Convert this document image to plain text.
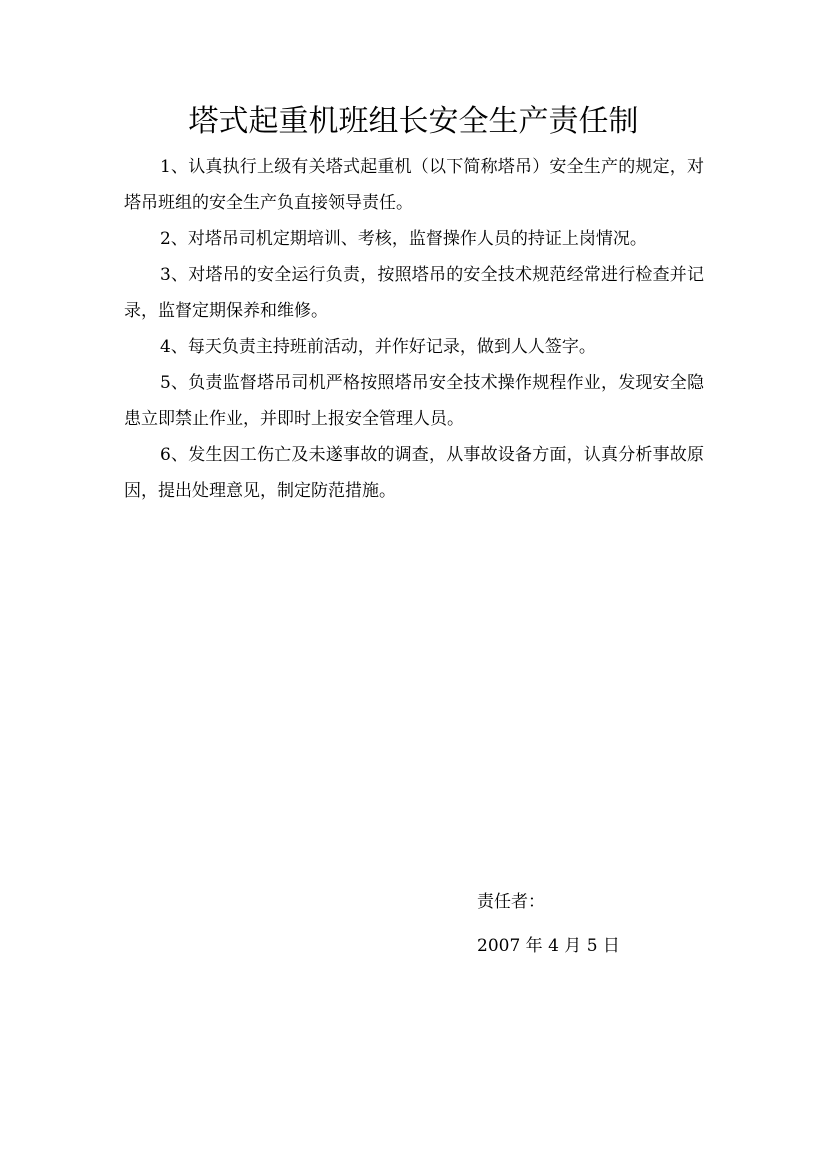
塔式起重机班组长安全生产责任制

1、认真执行上级有关塔式起重机（以下简称塔吊）安全生产的规定，对塔吊班组的安全生产负直接领导责任。

2、对塔吊司机定期培训、考核，监督操作人员的持证上岗情况。

3、对塔吊的安全运行负责，按照塔吊的安全技术规范经常进行检查并记录，监督定期保养和维修。

4、每天负责主持班前活动，并作好记录，做到人人签字。

5、负责监督塔吊司机严格按照塔吊安全技术操作规程作业，发现安全隐患立即禁止作业，并即时上报安全管理人员。

6、发生因工伤亡及未遂事故的调查，从事故设备方面，认真分析事故原因，提出处理意见，制定防范措施。

责任者：
2007 年 4 月 5 日
